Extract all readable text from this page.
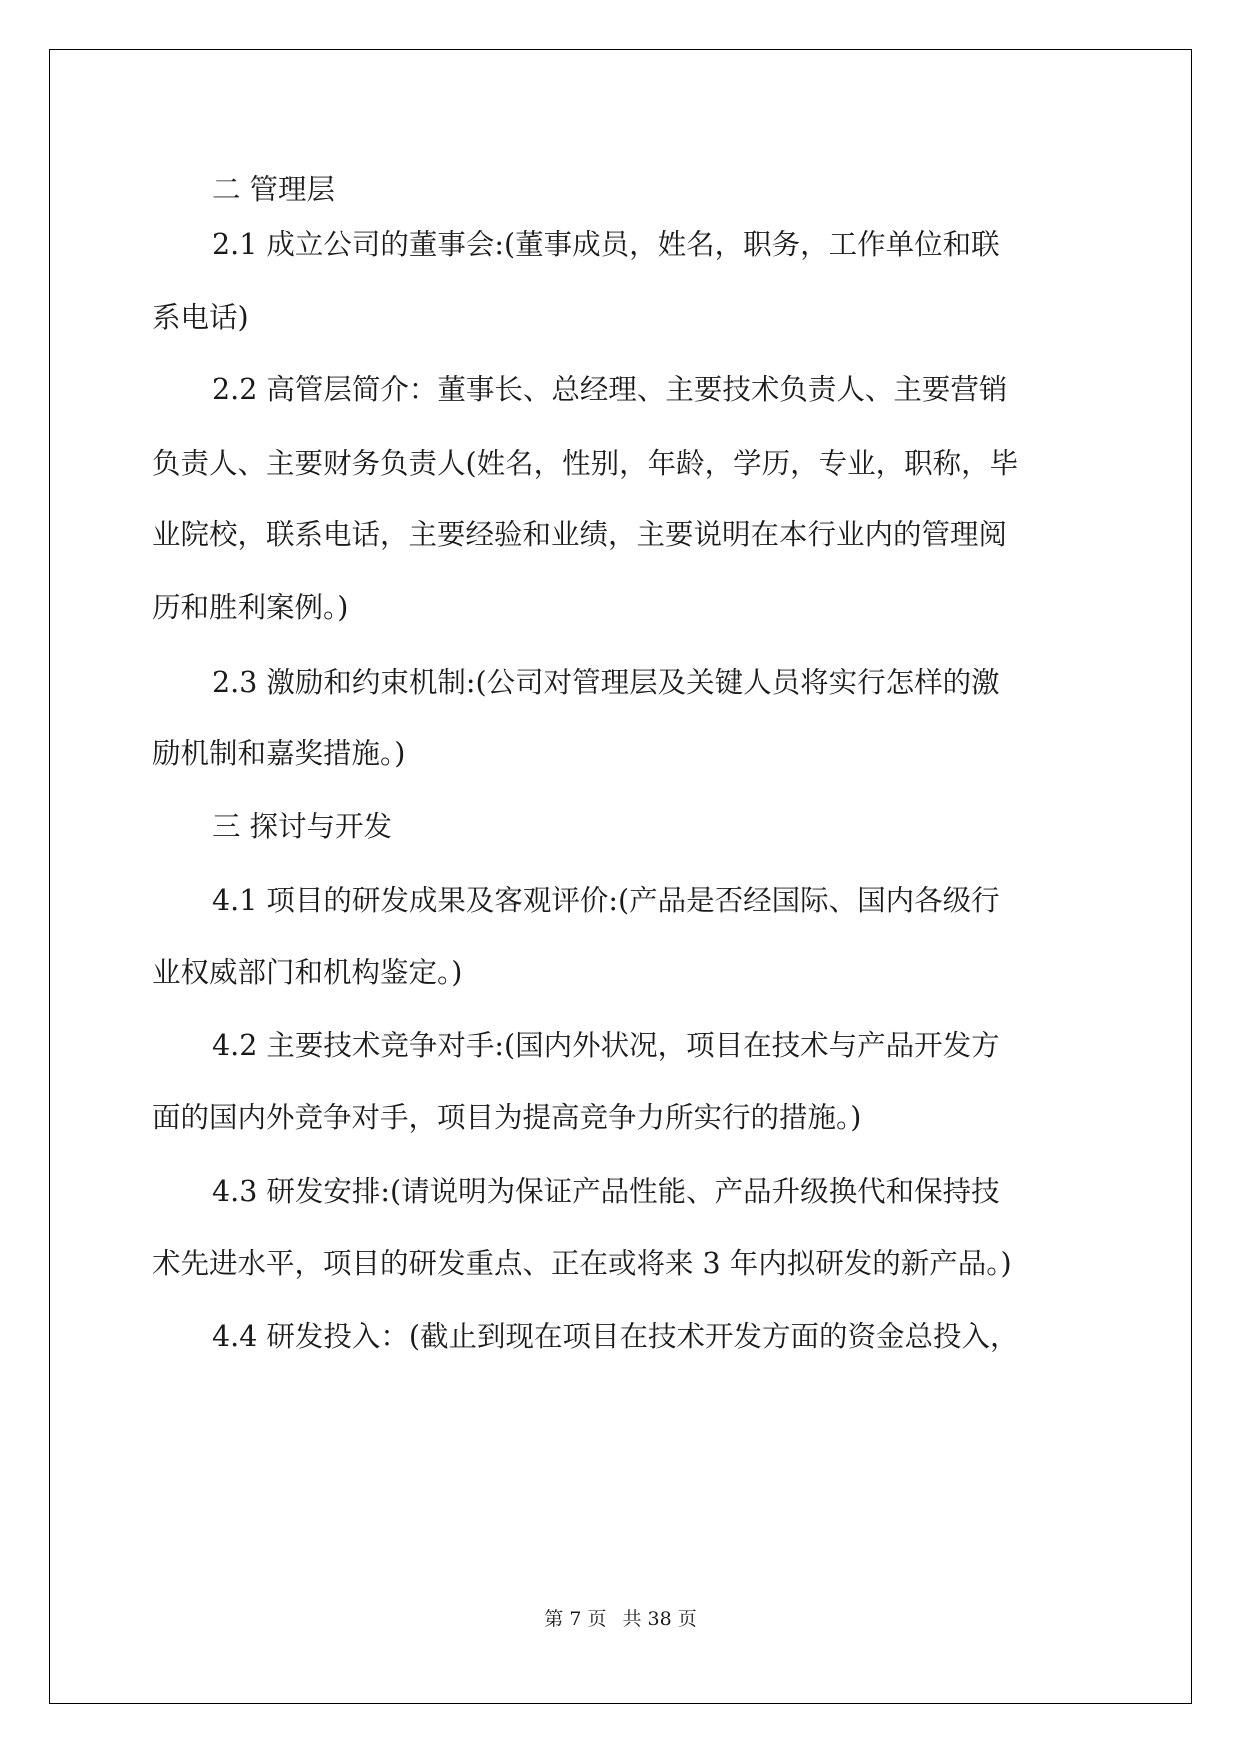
二 管理层
2.1 成立公司的董事会:(董事成员，姓名，职务，工作单位和联
系电话)
2.2 高管层简介：董事长、总经理、主要技术负责人、主要营销
负责人、主要财务负责人(姓名，性别，年龄，学历，专业，职称，毕
业院校，联系电话，主要经验和业绩，主要说明在本行业内的管理阅
历和胜利案例。)
2.3 激励和约束机制:(公司对管理层及关键人员将实行怎样的激
励机制和嘉奖措施。)
三 探讨与开发
4.1 项目的研发成果及客观评价:(产品是否经国际、国内各级行
业权威部门和机构鉴定。)
4.2 主要技术竞争对手:(国内外状况，项目在技术与产品开发方
面的国内外竞争对手，项目为提高竞争力所实行的措施。)
4.3 研发安排:(请说明为保证产品性能、产品升级换代和保持技
术先进水平，项目的研发重点、正在或将来 3 年内拟研发的新产品。)
4.4 研发投入：(截止到现在项目在技术开发方面的资金总投入，
第 7 页 共 38 页
